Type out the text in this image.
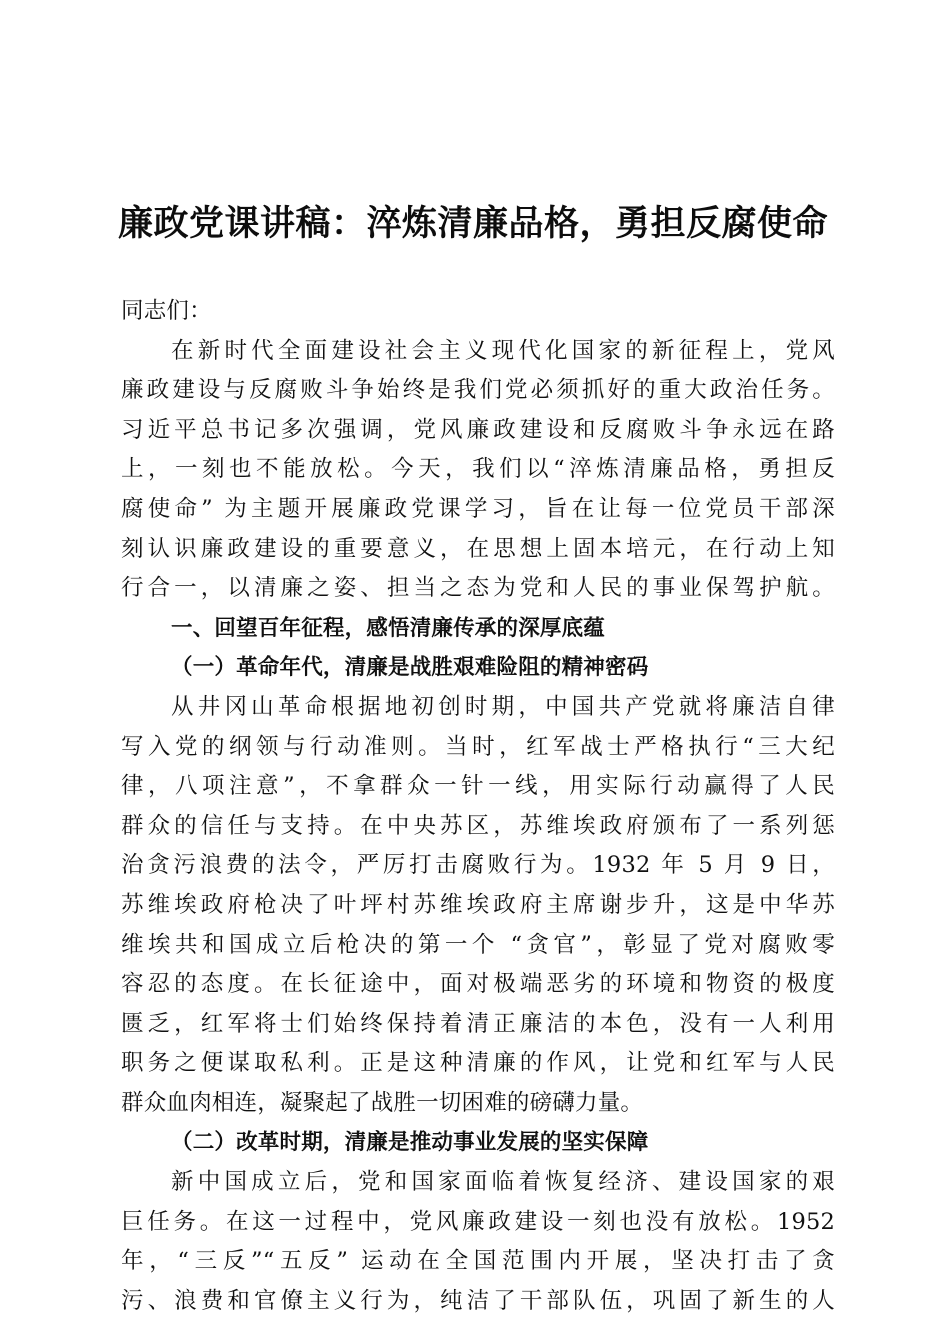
廉政党课讲稿：淬炼清廉品格，勇担反腐使命
同志们：
在新时代全面建设社会主义现代化国家的新征程上，党风
廉政建设与反腐败斗争始终是我们党必须抓好的重大政治任务。
习近平总书记多次强调，党风廉政建设和反腐败斗争永远在路
上，一刻也不能放松。今天，我们以“淬炼清廉品格，勇担反
腐使命” 为主题开展廉政党课学习，旨在让每一位党员干部深
刻认识廉政建设的重要意义，在思想上固本培元，在行动上知
行合一，以清廉之姿、担当之态为党和人民的事业保驾护航。
一、回望百年征程，感悟清廉传承的深厚底蕴
（一）革命年代，清廉是战胜艰难险阻的精神密码
从井冈山革命根据地初创时期，中国共产党就将廉洁自律
写入党的纲领与行动准则。当时，红军战士严格执行“三大纪
律，八项注意”，不拿群众一针一线，用实际行动赢得了人民
群众的信任与支持。在中央苏区，苏维埃政府颁布了一系列惩
治贪污浪费的法令，严厉打击腐败行为。1932 年 5 月 9 日，
苏维埃政府枪决了叶坪村苏维埃政府主席谢步升，这是中华苏
维埃共和国成立后枪决的第一个 “贪官”，彰显了党对腐败零
容忍的态度。在长征途中，面对极端恶劣的环境和物资的极度
匮乏，红军将士们始终保持着清正廉洁的本色，没有一人利用
职务之便谋取私利。正是这种清廉的作风，让党和红军与人民
群众血肉相连，凝聚起了战胜一切困难的磅礴力量。
（二）改革时期，清廉是推动事业发展的坚实保障
新中国成立后，党和国家面临着恢复经济、建设国家的艰
巨任务。在这一过程中，党风廉政建设一刻也没有放松。1952
年，“三反”“五反” 运动在全国范围内开展，坚决打击了贪
污、浪费和官僚主义行为，纯洁了干部队伍，巩固了新生的人
